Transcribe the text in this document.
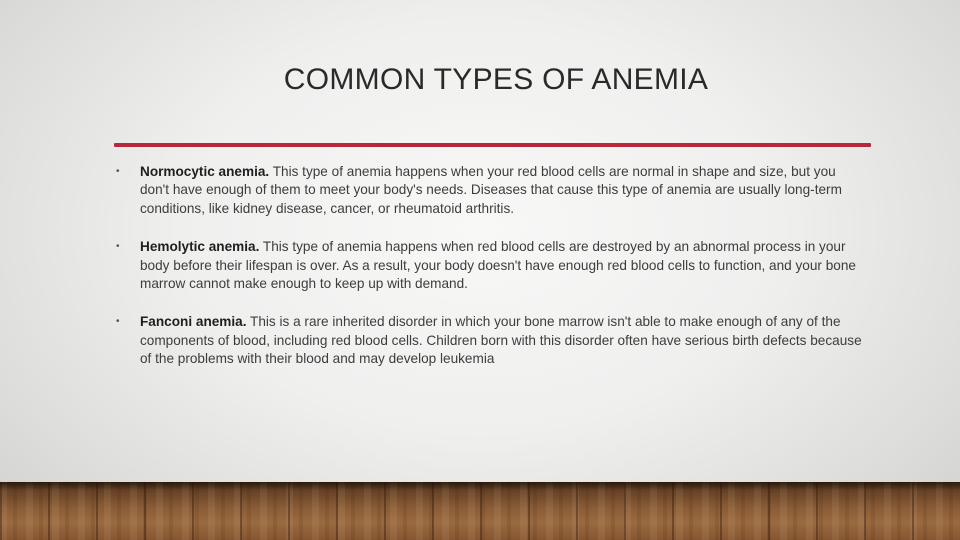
COMMON TYPES OF ANEMIA
• Normocytic anemia. This type of anemia happens when your red blood cells are normal in shape and size, but you don't have enough of them to meet your body's needs. Diseases that cause this type of anemia are usually long-term conditions, like kidney disease, cancer, or rheumatoid arthritis.
• Hemolytic anemia. This type of anemia happens when red blood cells are destroyed by an abnormal process in your body before their lifespan is over. As a result, your body doesn't have enough red blood cells to function, and your bone marrow cannot make enough to keep up with demand.
• Fanconi anemia. This is a rare inherited disorder in which your bone marrow isn't able to make enough of any of the components of blood, including red blood cells. Children born with this disorder often have serious birth defects because of the problems with their blood and may develop leukemia
